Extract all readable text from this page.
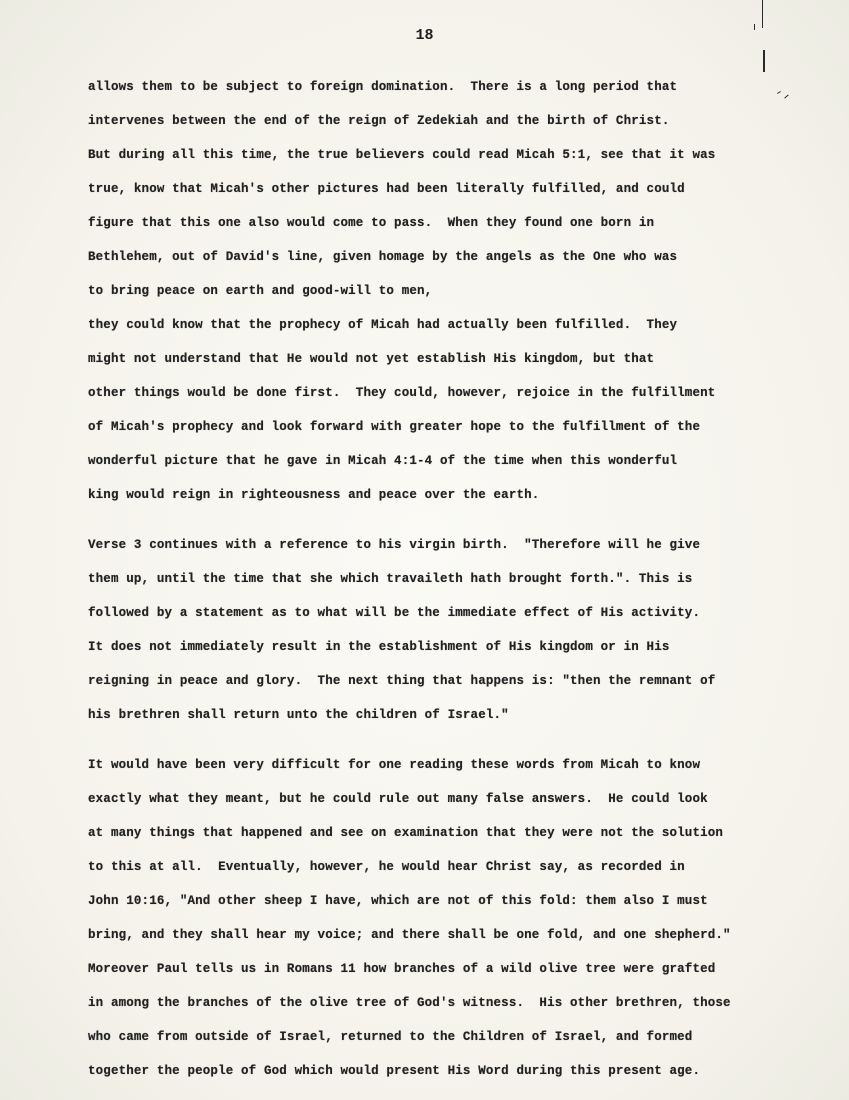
18
allows them to be subject to foreign domination.  There is a long period that
intervenes between the end of the reign of Zedekiah and the birth of Christ.
But during all this time, the true believers could read Micah 5:1, see that it was
true, know that Micah's other pictures had been literally fulfilled, and could
figure that this one also would come to pass.  When they found one born in
Bethlehem, out of David's line, given homage by the angels as the One who was
to bring peace on earth and good-will to men,
they could know that the prophecy of Micah had actually been fulfilled.  They
might not understand that He would not yet establish His kingdom, but that
other things would be done first.  They could, however, rejoice in the fulfillment
of Micah's prophecy and look forward with greater hope to the fulfillment of the
wonderful picture that he gave in Micah 4:1-4 of the time when this wonderful
king would reign in righteousness and peace over the earth.
Verse 3 continues with a reference to his virgin birth.  "Therefore will he give
them up, until the time that she which travaileth hath brought forth.". This is
followed by a statement as to what will be the immediate effect of His activity.
It does not immediately result in the establishment of His kingdom or in His
reigning in peace and glory.  The next thing that happens is: "then the remnant of
his brethren shall return unto the children of Israel."
It would have been very difficult for one reading these words from Micah to know
exactly what they meant, but he could rule out many false answers.  He could look
at many things that happened and see on examination that they were not the solution
to this at all.  Eventually, however, he would hear Christ say, as recorded in
John 10:16, "And other sheep I have, which are not of this fold: them also I must
bring, and they shall hear my voice; and there shall be one fold, and one shepherd."
Moreover Paul tells us in Romans 11 how branches of a wild olive tree were grafted
in among the branches of the olive tree of God's witness.  His other brethren, those
who came from outside of Israel, returned to the Children of Israel, and formed
together the people of God which would present His Word during this present age.
